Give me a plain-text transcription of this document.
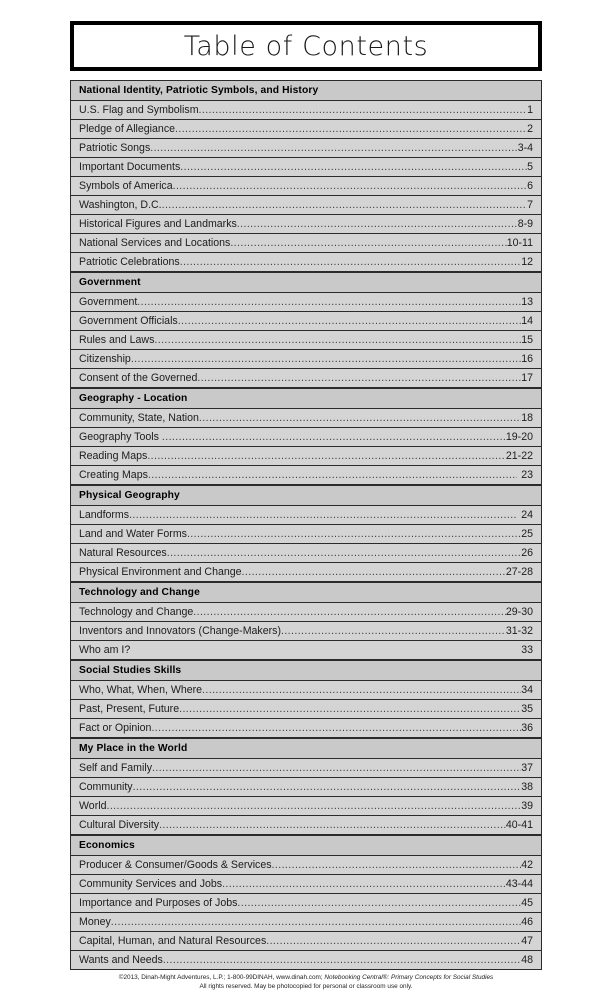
Table of Contents
National Identity, Patriotic Symbols, and History
U.S. Flag and Symbolism .....	1
Pledge of Allegiance .....	2
Patriotic Songs .....	3-4
Important Documents .....	5
Symbols of America .....	6
Washington, D.C. .....	7
Historical Figures and Landmarks .....	8-9
National Services and Locations .....	10-11
Patriotic Celebrations .....	12
Government
Government .....	13
Government Officials .....	14
Rules and Laws .....	15
Citizenship .....	16
Consent of the Governed .....	17
Geography - Location
Community, State, Nation .....	18
Geography Tools .....	19-20
Reading Maps .....	21-22
Creating Maps .....	23
Physical Geography
Landforms .....	24
Land and Water Forms .....	25
Natural Resources .....	26
Physical Environment and Change .....	27-28
Technology and Change
Technology and Change .....	29-30
Inventors and Innovators (Change-Makers) .....	31-32
Who am I?	33
Social Studies Skills
Who, What, When, Where .....	34
Past, Present, Future .....	35
Fact or Opinion .....	36
My Place in the World
Self and Family .....	37
Community .....	38
World .....	39
Cultural Diversity .....	40-41
Economics
Producer & Consumer/Goods & Services .....	42
Community Services and Jobs .....	43-44
Importance and Purposes of Jobs .....	45
Money .....	46
Capital, Human, and Natural Resources .....	47
Wants and Needs .....	48
©2013, Dinah-Might Adventures, L.P.; 1-800-99DINAH, www.dinah.com; Notebooking Central®: Primary Concepts for Social Studies
All rights reserved. May be photocopied for personal or classroom use only.
